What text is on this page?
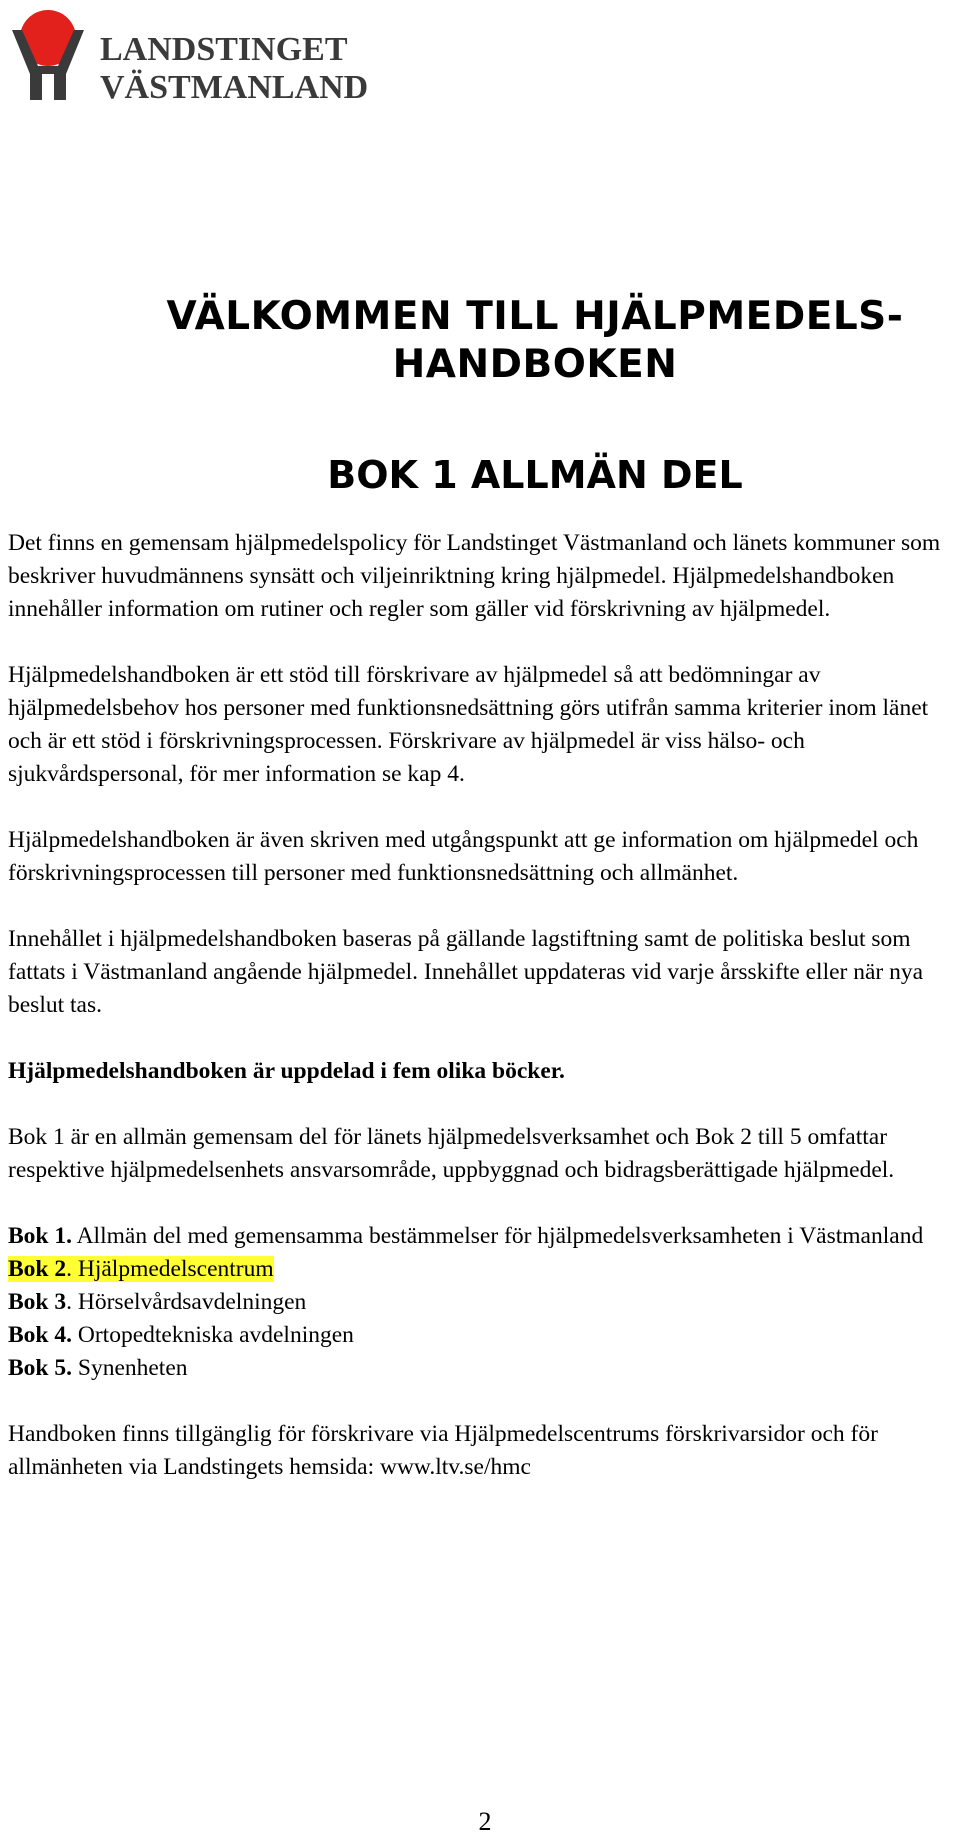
LANDSTINGET
VÄSTMANLAND
VÄLKOMMEN TILL HJÄLPMEDELS-
HANDBOKEN
BOK 1 ALLMÄN DEL

Det finns en gemensam hjälpmedelspolicy för Landstinget Västmanland och länets kommuner som beskriver huvudmännens synsätt och viljeinriktning kring hjälpmedel. Hjälpmedelshandboken innehåller information om rutiner och regler som gäller vid förskrivning av hjälpmedel.

Hjälpmedelshandboken är ett stöd till förskrivare av hjälpmedel så att bedömningar av hjälpmedelsbehov hos personer med funktionsnedsättning görs utifrån samma kriterier inom länet och är ett stöd i förskrivningsprocessen. Förskrivare av hjälpmedel är viss hälso- och sjukvårdspersonal, för mer information se kap 4.

Hjälpmedelshandboken är även skriven med utgångspunkt att ge information om hjälpmedel och förskrivningsprocessen till personer med funktionsnedsättning och allmänhet.

Innehållet i hjälpmedelshandboken baseras på gällande lagstiftning samt de politiska beslut som fattats i Västmanland angående hjälpmedel. Innehållet uppdateras vid varje årsskifte eller när nya beslut tas.

Hjälpmedelshandboken är uppdelad i fem olika böcker.

Bok 1 är en allmän gemensam del för länets hjälpmedelsverksamhet och Bok 2 till 5 omfattar respektive hjälpmedelsenhets ansvarsområde, uppbyggnad och bidragsberättigade hjälpmedel.

Bok 1. Allmän del med gemensamma bestämmelser för hjälpmedelsverksamheten i Västmanland
Bok 2. Hjälpmedelscentrum
Bok 3. Hörselvårdsavdelningen
Bok 4. Ortopedtekniska avdelningen
Bok 5. Synenheten

Handboken finns tillgänglig för förskrivare via Hjälpmedelscentrums förskrivarsidor och för allmänheten via Landstingets hemsida: www.ltv.se/hmc

2
